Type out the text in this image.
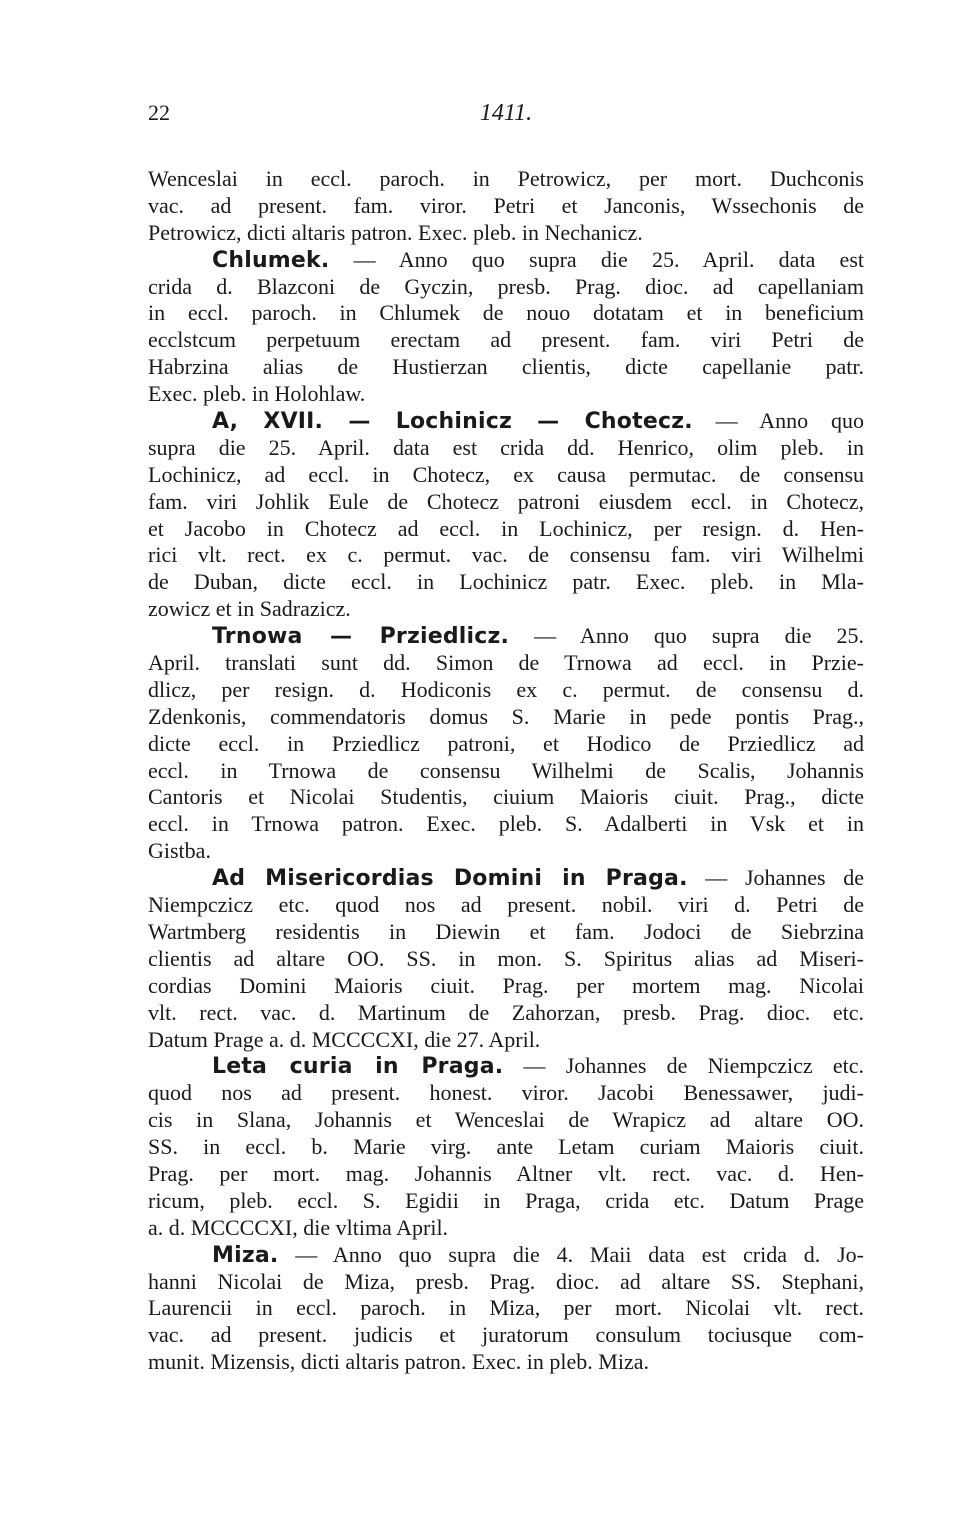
22	1411.
Wenceslai in eccl. paroch. in Petrowicz, per mort. Duchconis
vac. ad present. fam. viror. Petri et Janconis, Wssechonis de
Petrowicz, dicti altaris patron. Exec. pleb. in Nechanicz.
Chlumek. — Anno quo supra die 25. April. data est
crida d. Blazconi de Gyczin, presb. Prag. dioc. ad capellaniam
in eccl. paroch. in Chlumek de nouo dotatam et in beneficium
ecclstcum perpetuum erectam ad present. fam. viri Petri de
Habrzina alias de Hustierzan clientis, dicte capellanie patr.
Exec. pleb. in Holohlaw.
A, XVII. — Lochinicz — Chotecz. — Anno quo
supra die 25. April. data est crida dd. Henrico, olim pleb. in
Lochinicz, ad eccl. in Chotecz, ex causa permutac. de consensu
fam. viri Johlik Eule de Chotecz patroni eiusdem eccl. in Chotecz,
et Jacobo in Chotecz ad eccl. in Lochinicz, per resign. d. Hen-
rici vlt. rect. ex c. permut. vac. de consensu fam. viri Wilhelmi
de Duban, dicte eccl. in Lochinicz patr. Exec. pleb. in Mla-
zowicz et in Sadrazicz.
Trnowa — Prziedlicz. — Anno quo supra die 25.
April. translati sunt dd. Simon de Trnowa ad eccl. in Przie-
dlicz, per resign. d. Hodiconis ex c. permut. de consensu d.
Zdenkonis, commendatoris domus S. Marie in pede pontis Prag.,
dicte eccl. in Prziedlicz patroni, et Hodico de Prziedlicz ad
eccl. in Trnowa de consensu Wilhelmi de Scalis, Johannis
Cantoris et Nicolai Studentis, ciuium Maioris ciuit. Prag., dicte
eccl. in Trnowa patron. Exec. pleb. S. Adalberti in Vsk et in
Gistba.
Ad Misericordias Domini in Praga. — Johannes de
Niempczicz etc. quod nos ad present. nobil. viri d. Petri de
Wartmberg residentis in Diewin et fam. Jodoci de Siebrzina
clientis ad altare OO. SS. in mon. S. Spiritus alias ad Miseri-
cordias Domini Maioris ciuit. Prag. per mortem mag. Nicolai
vlt. rect. vac. d. Martinum de Zahorzan, presb. Prag. dioc. etc.
Datum Prage a. d. MCCCCXI, die 27. April.
Leta curia in Praga. — Johannes de Niempczicz etc.
quod nos ad present. honest. viror. Jacobi Benessawer, judi-
cis in Slana, Johannis et Wenceslai de Wrapicz ad altare OO.
SS. in eccl. b. Marie virg. ante Letam curiam Maioris ciuit.
Prag. per mort. mag. Johannis Altner vlt. rect. vac. d. Hen-
ricum, pleb. eccl. S. Egidii in Praga, crida etc. Datum Prage
a. d. MCCCCXI, die vltima April.
Miza. — Anno quo supra die 4. Maii data est crida d. Jo-
hanni Nicolai de Miza, presb. Prag. dioc. ad altare SS. Stephani,
Laurencii in eccl. paroch. in Miza, per mort. Nicolai vlt. rect.
vac. ad present. judicis et juratorum consulum tociusque com-
munit. Mizensis, dicti altaris patron. Exec. in pleb. Miza.
